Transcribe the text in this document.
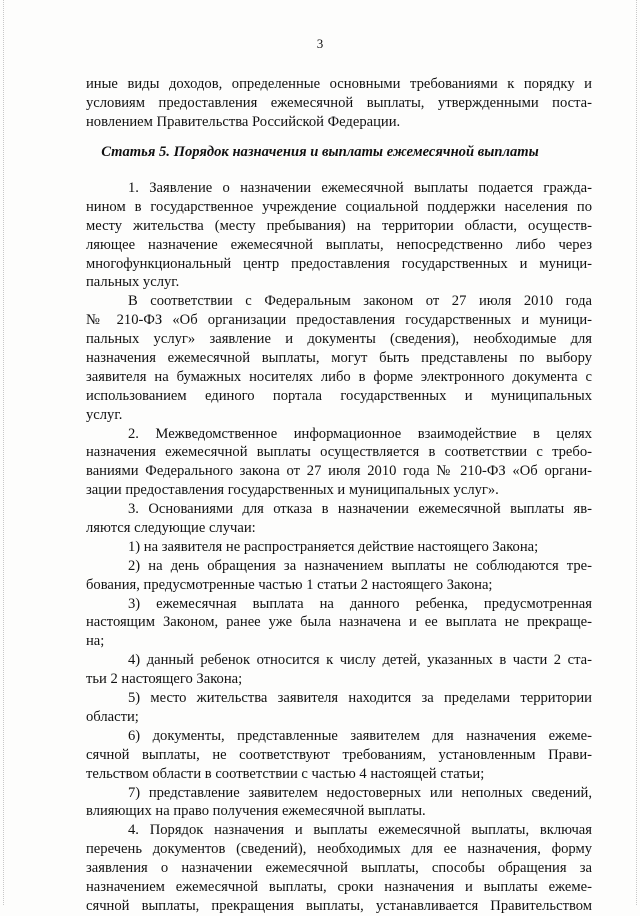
3
иные виды доходов, определенные основными требованиями к порядку и
условиям предоставления ежемесячной выплаты, утвержденными поста-
новлением Правительства Российской Федерации.
Статья 5. Порядок назначения и выплаты ежемесячной выплаты
1. Заявление о назначении ежемесячной выплаты подается гражда-
нином в государственное учреждение социальной поддержки населения по
месту жительства (месту пребывания) на территории области, осуществ-
ляющее назначение ежемесячной выплаты, непосредственно либо через
многофункциональный центр предоставления государственных и муници-
пальных услуг.
В соответствии с Федеральным законом от 27 июля 2010 года
№ 210-ФЗ «Об организации предоставления государственных и муници-
пальных услуг» заявление и документы (сведения), необходимые для
назначения ежемесячной выплаты, могут быть представлены по выбору
заявителя на бумажных носителях либо в форме электронного документа с
использованием единого портала государственных и муниципальных
услуг.
2. Межведомственное информационное взаимодействие в целях
назначения ежемесячной выплаты осуществляется в соответствии с требо-
ваниями Федерального закона от 27 июля 2010 года № 210-ФЗ «Об органи-
зации предоставления государственных и муниципальных услуг».
3. Основаниями для отказа в назначении ежемесячной выплаты яв-
ляются следующие случаи:
1) на заявителя не распространяется действие настоящего Закона;
2) на день обращения за назначением выплаты не соблюдаются тре-
бования, предусмотренные частью 1 статьи 2 настоящего Закона;
3) ежемесячная выплата на данного ребенка, предусмотренная
настоящим Законом, ранее уже была назначена и ее выплата не прекраще-
на;
4) данный ребенок относится к числу детей, указанных в части 2 ста-
тьи 2 настоящего Закона;
5) место жительства заявителя находится за пределами территории
области;
6) документы, представленные заявителем для назначения ежеме-
сячной выплаты, не соответствуют требованиям, установленным Прави-
тельством области в соответствии с частью 4 настоящей статьи;
7) представление заявителем недостоверных или неполных сведений,
влияющих на право получения ежемесячной выплаты.
4. Порядок назначения и выплаты ежемесячной выплаты, включая
перечень документов (сведений), необходимых для ее назначения, форму
заявления о назначении ежемесячной выплаты, способы обращения за
назначением ежемесячной выплаты, сроки назначения и выплаты ежеме-
сячной выплаты, прекращения выплаты, устанавливается Правительством
